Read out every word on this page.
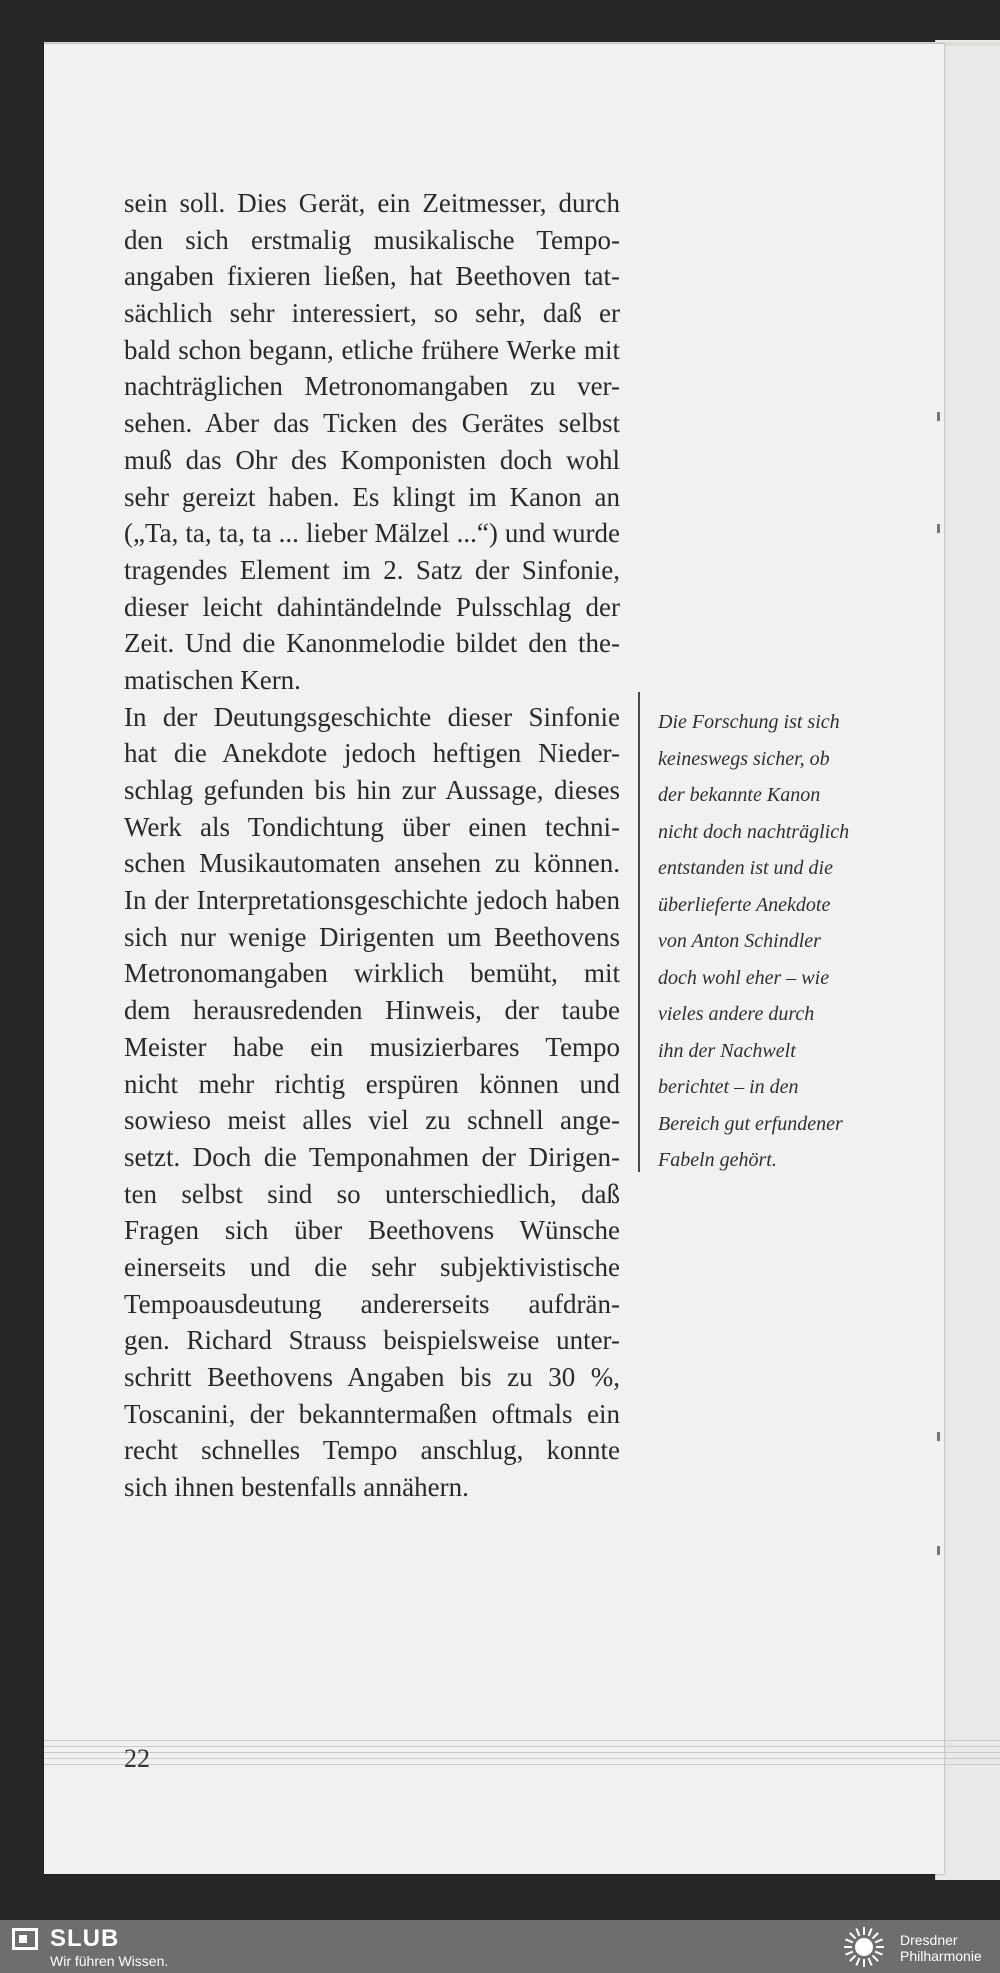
sein soll. Dies Gerät, ein Zeitmesser, durch
den sich erstmalig musikalische Tempo-
angaben fixieren ließen, hat Beethoven tat-
sächlich sehr interessiert, so sehr, daß er
bald schon begann, etliche frühere Werke mit
nachträglichen Metronomangaben zu ver-
sehen. Aber das Ticken des Gerätes selbst
muß das Ohr des Komponisten doch wohl
sehr gereizt haben. Es klingt im Kanon an
(„Ta, ta, ta, ta ... lieber Mälzel ...“) und wurde
tragendes Element im 2. Satz der Sinfonie,
dieser leicht dahintändelnde Pulsschlag der
Zeit. Und die Kanonmelodie bildet den the-
matischen Kern.
In der Deutungsgeschichte dieser Sinfonie
hat die Anekdote jedoch heftigen Nieder-
schlag gefunden bis hin zur Aussage, dieses
Werk als Tondichtung über einen techni-
schen Musikautomaten ansehen zu können.
In der Interpretationsgeschichte jedoch haben
sich nur wenige Dirigenten um Beethovens
Metronomangaben wirklich bemüht, mit
dem herausredenden Hinweis, der taube
Meister habe ein musizierbares Tempo
nicht mehr richtig erspüren können und
sowieso meist alles viel zu schnell ange-
setzt. Doch die Temponahmen der Dirigen-
ten selbst sind so unterschiedlich, daß
Fragen sich über Beethovens Wünsche
einerseits und die sehr subjektivistische
Tempoausdeutung andererseits aufdrän-
gen. Richard Strauss beispielsweise unter-
schritt Beethovens Angaben bis zu 30 %,
Toscanini, der bekanntermaßen oftmals ein
recht schnelles Tempo anschlug, konnte
sich ihnen bestenfalls annähern.
Die Forschung ist sich
keineswegs sicher, ob
der bekannte Kanon
nicht doch nachträglich
entstanden ist und die
überlieferte Anekdote
von Anton Schindler
doch wohl eher – wie
vieles andere durch
ihn der Nachwelt
berichtet – in den
Bereich gut erfundener
Fabeln gehört.
22
SLUB
Wir führen Wissen.
Dresdner
Philharmonie
